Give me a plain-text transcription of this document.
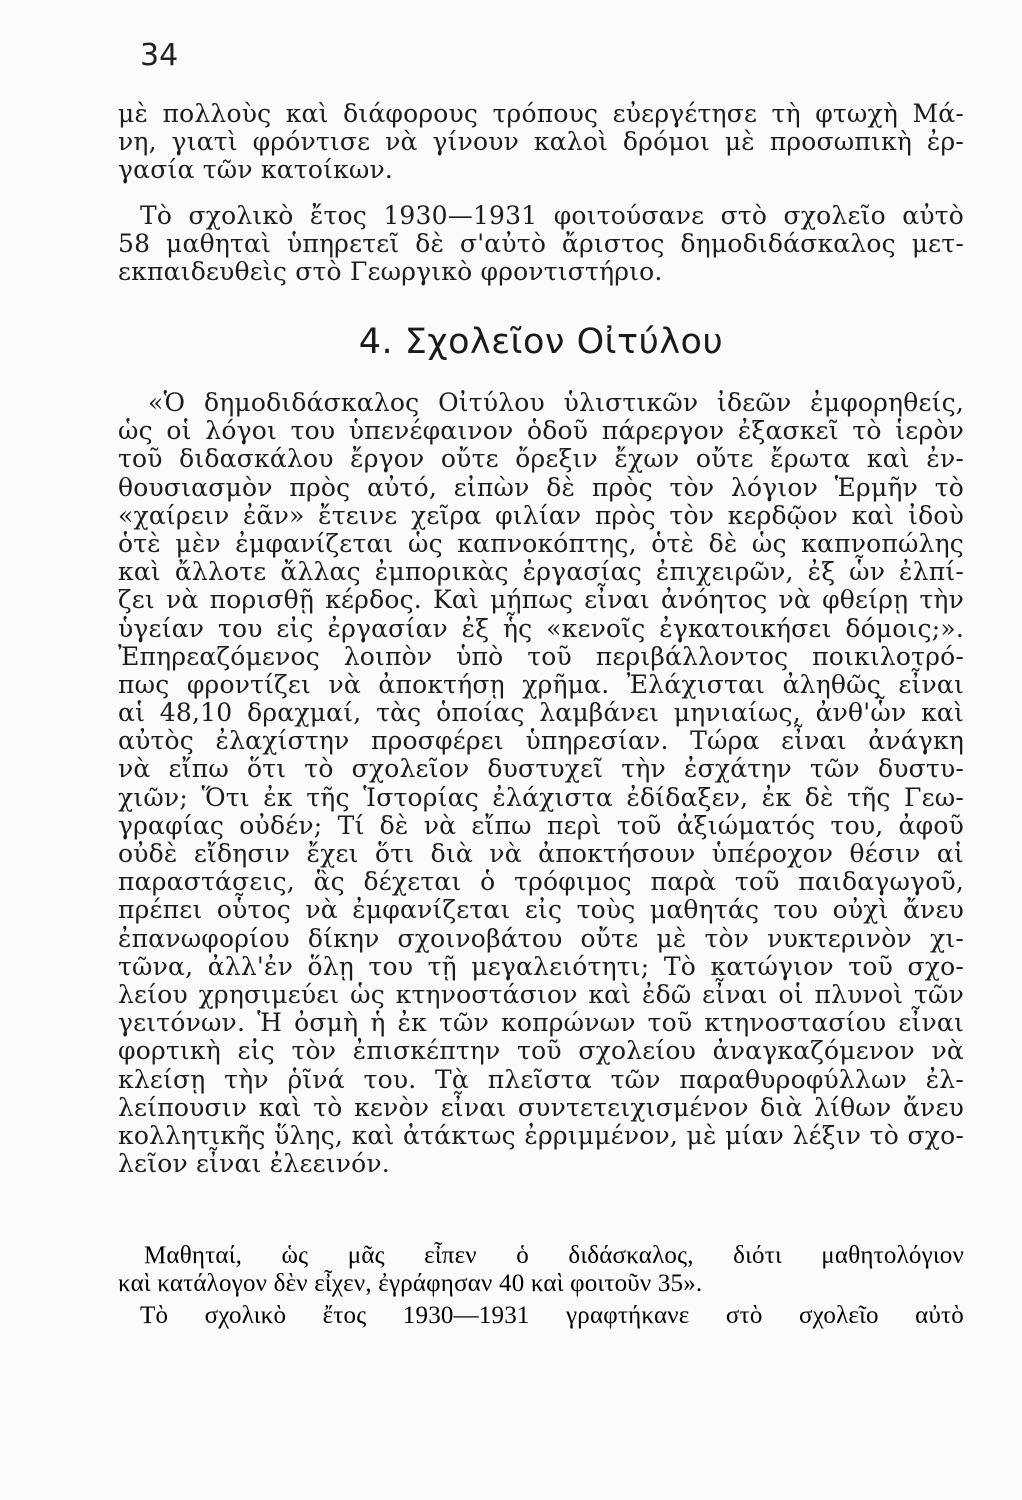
34
μὲ πολλοὺς καὶ διάφορους τρόπους εὐεργέτησε τὴ φτωχὴ Μά-
νη, γιατὶ φρόντισε νὰ γίνουν καλοὶ δρόμοι μὲ προσωπικὴ ἐρ-
γασία τῶν κατοίκων.
Τὸ σχολικὸ ἔτος 1930—1931 φοιτούσανε στὸ σχολεῖο αὐτὸ
58 μαθηταὶ ὑπηρετεῖ δὲ σ'αὐτὸ ἄριστος δημοδιδάσκαλος μετ-
εκπαιδευθεὶς στὸ Γεωργικὸ φροντιστήριο.
4. Σχολεῖον Οἰτύλου
«Ὁ δημοδιδάσκαλος Οἰτύλου ὑλιστικῶν ἰδεῶν ἐμφορηθείς,
ὡς οἱ λόγοι του ὑπενέφαινον ὁδοῦ πάρεργον ἐξασκεῖ τὸ ἱερὸν
τοῦ διδασκάλου ἔργον οὔτε ὄρεξιν ἔχων οὔτε ἔρωτα καὶ ἐν-
θουσιασμὸν πρὸς αὐτό, εἰπὼν δὲ πρὸς τὸν λόγιον Ἑρμῆν τὸ
«χαίρειν ἐᾶν» ἔτεινε χεῖρα φιλίαν πρὸς τὸν κερδῷον καὶ ἰδοὺ
ὁτὲ μὲν ἐμφανίζεται ὡς καπνοκόπτης, ὁτὲ δὲ ὡς καπνοπώλης
καὶ ἄλλοτε ἄλλας ἐμπορικὰς ἐργασίας ἐπιχειρῶν, ἐξ ὧν ἐλπί-
ζει νὰ πορισθῇ κέρδος. Καὶ μήπως εἶναι ἀνόητος νὰ φθείρῃ τὴν
ὑγείαν του εἰς ἐργασίαν ἐξ ἧς «κενοῖς ἐγκατοικήσει δόμοις;».
Ἐπηρεαζόμενος λοιπὸν ὑπὸ τοῦ περιβάλλοντος ποικιλοτρό-
πως φροντίζει νὰ ἀποκτήσῃ χρῆμα. Ἐλάχισται ἀληθῶς εἶναι
αἱ 48,10 δραχμαί, τὰς ὁποίας λαμβάνει μηνιαίως, ἀνθ'ὧν καὶ
αὐτὸς ἐλαχίστην προσφέρει ὑπηρεσίαν. Τώρα εἶναι ἀνάγκη
νὰ εἴπω ὅτι τὸ σχολεῖον δυστυχεῖ τὴν ἐσχάτην τῶν δυστυ-
χιῶν; Ὅτι ἐκ τῆς Ἱστορίας ἐλάχιστα ἐδίδαξεν, ἐκ δὲ τῆς Γεω-
γραφίας οὐδέν; Τί δὲ νὰ εἴπω περὶ τοῦ ἀξιώματός του, ἀφοῦ
οὐδὲ εἴδησιν ἔχει ὅτι διὰ νὰ ἀποκτήσουν ὑπέροχον θέσιν αἱ
παραστάσεις, ἃς δέχεται ὁ τρόφιμος παρὰ τοῦ παιδαγωγοῦ,
πρέπει οὗτος νὰ ἐμφανίζεται εἰς τοὺς μαθητάς του οὐχὶ ἄνευ
ἐπανωφορίου δίκην σχοινοβάτου οὔτε μὲ τὸν νυκτερινὸν χι-
τῶνα, ἀλλ'ἐν ὅλῃ του τῇ μεγαλειότητι; Τὸ κατώγιον τοῦ σχο-
λείου χρησιμεύει ὡς κτηνοστάσιον καὶ ἐδῶ εἶναι οἱ πλυνοὶ τῶν
γειτόνων. Ἡ ὀσμὴ ἡ ἐκ τῶν κοπρώνων τοῦ κτηνοστασίου εἶναι
φορτικὴ εἰς τὸν ἐπισκέπτην τοῦ σχολείου ἀναγκαζόμενον νὰ
κλείσῃ τὴν ῥῖνά του. Τὰ πλεῖστα τῶν παραθυροφύλλων ἐλ-
λείπουσιν καὶ τὸ κενὸν εἶναι συντετειχισμένον διὰ λίθων ἄνευ
κολλητικῆς ὕλης, καὶ ἀτάκτως ἐρριμμένον, μὲ μίαν λέξιν τὸ σχο-
λεῖον εἶναι ἐλεεινόν.
Μαθηταί, ὡς μᾶς εἶπεν ὁ διδάσκαλος, διότι μαθητολόγιον
καὶ κατάλογον δὲν εἶχεν, ἐγράφησαν 40 καὶ φοιτοῦν 35».
Τὸ σχολικὸ ἔτος 1930—1931 γραφτήκανε στὸ σχολεῖο αὐτὸ
